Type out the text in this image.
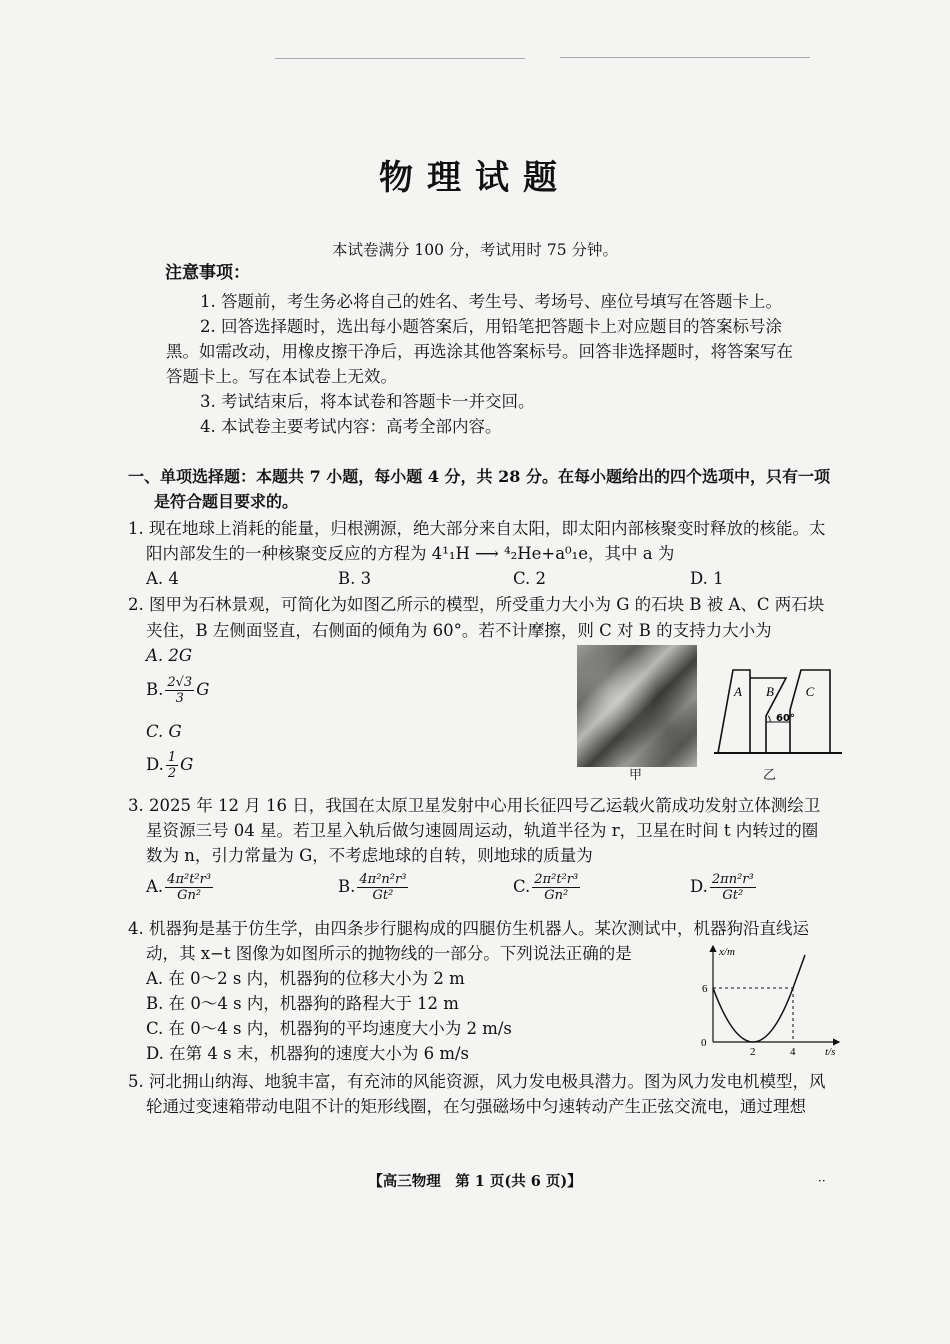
物理试题
本试卷满分 100 分，考试用时 75 分钟。
注意事项：
1. 答题前，考生务必将自己的姓名、考生号、考场号、座位号填写在答题卡上。
2. 回答选择题时，选出每小题答案后，用铅笔把答题卡上对应题目的答案标号涂
黑。如需改动，用橡皮擦干净后，再选涂其他答案标号。回答非选择题时，将答案写在
答题卡上。写在本试卷上无效。
3. 考试结束后，将本试卷和答题卡一并交回。
4. 本试卷主要考试内容：高考全部内容。
一、单项选择题：本题共 7 小题，每小题 4 分，共 28 分。在每小题给出的四个选项中，只有一项
是符合题目要求的。
1. 现在地球上消耗的能量，归根溯源，绝大部分来自太阳，即太阳内部核聚变时释放的核能。太
阳内部发生的一种核聚变反应的方程为 4¹₁H ⟶ ⁴₂He+a⁰₁e，其中 a 为
A. 4	B. 3	C. 2	D. 1
2. 图甲为石林景观，可简化为如图乙所示的模型，所受重力大小为 G 的石块 B 被 A、C 两石块
夹住，B 左侧面竖直，右侧面的倾角为 60°。若不计摩擦，则 C 对 B 的支持力大小为
A. 2G
B. $\frac{2√3}{3}$ G
C. G
D. $\frac{1}{2}$ G
甲
A B C
60°
乙
3. 2025 年 12 月 16 日，我国在太原卫星发射中心用长征四号乙运载火箭成功发射立体测绘卫
星资源三号 04 星。若卫星入轨后做匀速圆周运动，轨道半径为 r，卫星在时间 t 内转过的圈
数为 n，引力常量为 G，不考虑地球的自转，则地球的质量为
A. $\frac{\text{4π²t²r³}}{\text{Gn²}}$	B. $\frac{\text{4π²n²r³}}{\text{Gt²}}$	C. $\frac{\text{2π²t²r³}}{\text{Gn²}}$	D. $\frac{\text{2πn²r³}}{\text{Gt²}}$
4. 机器狗是基于仿生学，由四条步行腿构成的四腿仿生机器人。某次测试中，机器狗沿直线运
动，其 x−t 图像为如图所示的抛物线的一部分。下列说法正确的是
A. 在 0～2 s 内，机器狗的位移大小为 2 m
B. 在 0～4 s 内，机器狗的路程大于 12 m
C. 在 0～4 s 内，机器狗的平均速度大小为 2 m/s
D. 在第 4 s 末，机器狗的速度大小为 6 m/s
x/m
t/s
0
6
2	4
5. 河北拥山纳海、地貌丰富，有充沛的风能资源，风力发电极具潜力。图为风力发电机模型，风
轮通过变速箱带动电阻不计的矩形线圈，在匀强磁场中匀速转动产生正弦交流电，通过理想
【高三物理　第 1 页(共 6 页)】	··
